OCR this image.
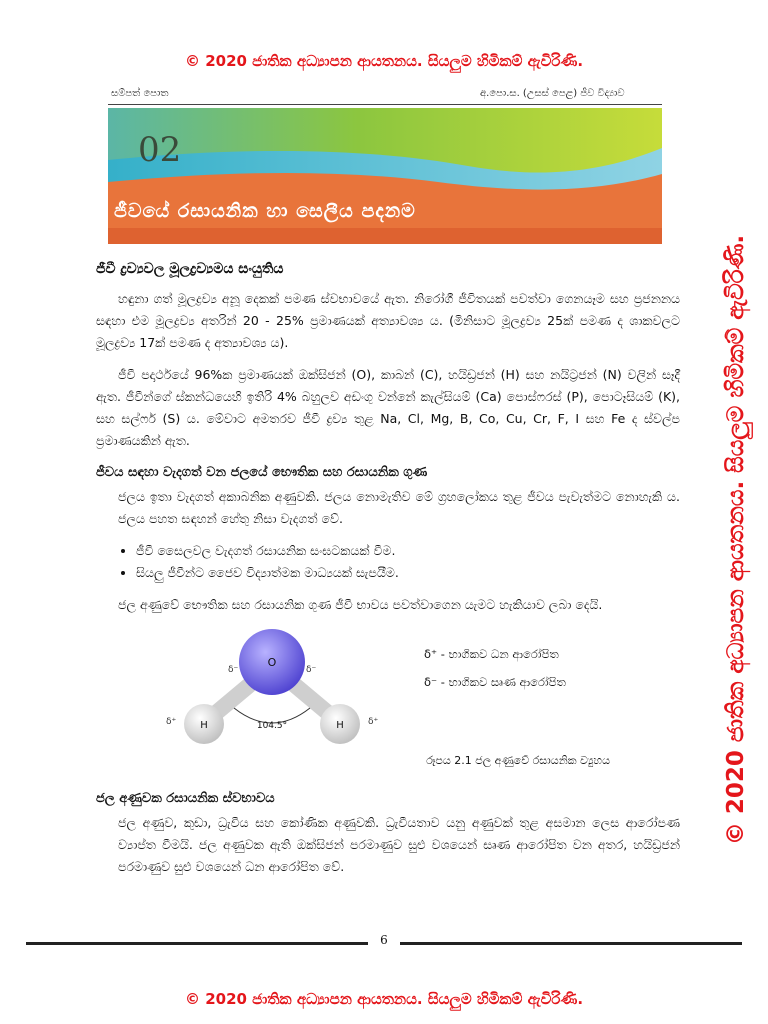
© 2020 ජාතික අධ්‍යාපන ආයතනය. සියලුම හිමිකම් ඇවිරිණි.
සම්පත් පොත	අ.පො.ස. (උසස් පෙළ) ජීව විද්‍යාව
02
ජීවයේ රසායනික හා සෙලීය පදනම
© 2020 ජාතික අධ්‍යාපන ආයතනය. සියලුම හිමිකම් ඇවිරිණි.
ජීවී ද්‍රව්‍යවල මූලද්‍රව්‍යමය සංයුතිය

හඳුනා ගත් මූලද්‍රව්‍ය අනූ දෙකක් පමණ ස්වභාවයේ ඇත. නිරෝගී ජීවිතයක් පවත්වා ගෙනයෑම සහ ප්‍රජනනය සඳහා එම මූලද්‍රව්‍ය අතරින් 20 - 25% ප්‍රමාණයක් අත්‍යාවශ්‍ය ය. (මිනිසාට මූලද්‍රව්‍ය 25ක් පමණ ද ශාකවලට මූලද්‍රව්‍ය 17ක් පමණ ද අත්‍යාවශ්‍ය ය).

ජීවී පදාර්ථයේ 96%ක ප්‍රමාණයක් ඔක්සිජන් (O), කාබන් (C), හයිඩ්‍රජන් (H) සහ නයිට්‍රජන් (N) වලින් සෑදී ඇත. ජීවීන්ගේ ස්කන්ධයෙහි ඉතිරි 4% බහුලව අඩංගු වන්නේ කැල්සියම් (Ca) පොස්ෆරස් (P), පොටෑසියම් (K), සහ සල්ෆර් (S) ය. මේවාට අමතරව ජීවී ද්‍රව්‍ය තුළ Na, Cl, Mg, B, Co, Cu, Cr, F, I සහ Fe ද ස්වල්ප ප්‍රමාණයකින් ඇත.

ජීවය සඳහා වැදගත් වන ජලයේ භෞතික සහ රසායනික ගුණ

ජලය ඉතා වැදගත් අකාබනික අණුවකි. ජලය නොමැතිව මේ ග්‍රහලෝකය තුළ ජීවය පැවැත්මට නොහැකි ය. ජලය පහත සඳහන් හේතු නිසා වැදගත් වේ.

• ජීවී සෛලවල වැදගත් රසායනික සංඝටකයක් වීම.
• සියලු ජීවීන්ට ජෛව විද්‍යාත්මක මාධ්‍යයක් සැපයීම.

ජල අණුවේ භෞතික සහ රසායනික ගුණ ජීවී භාවය පවත්වාගෙන යැමට හැකියාව ලබා දෙයි.

O
H	H
104.5°
δ⁻	δ⁻
δ⁺	δ⁺
δ⁺ - භාගිකව ධන ආරෝපිත
δ⁻ - භාගිකව සෘණ ආරෝපිත
රූපය 2.1 ජල අණුවේ රසායනික ව්‍යුහය
ජල අණුවක රසායනික ස්වභාවය

ජල අණුව, කුඩා, ධ්‍රැවීය සහ කෝණික අණුවකි. ධ්‍රැවීයතාව යනු අණුවක් තුළ අසමාන ලෙස ආරෝපණ ව්‍යාප්ත වීමයි. ජල අණුවක ඇති ඔක්සිජන් පරමාණුව සුළු වශයෙන් සෘණ ආරෝපිත වන අතර, හයිඩ්‍රජන් පරමාණුව සුළු වශයෙන් ධන ආරෝපිත වේ.

6
© 2020 ජාතික අධ්‍යාපන ආයතනය. සියලුම හිමිකම් ඇවිරිණි.
